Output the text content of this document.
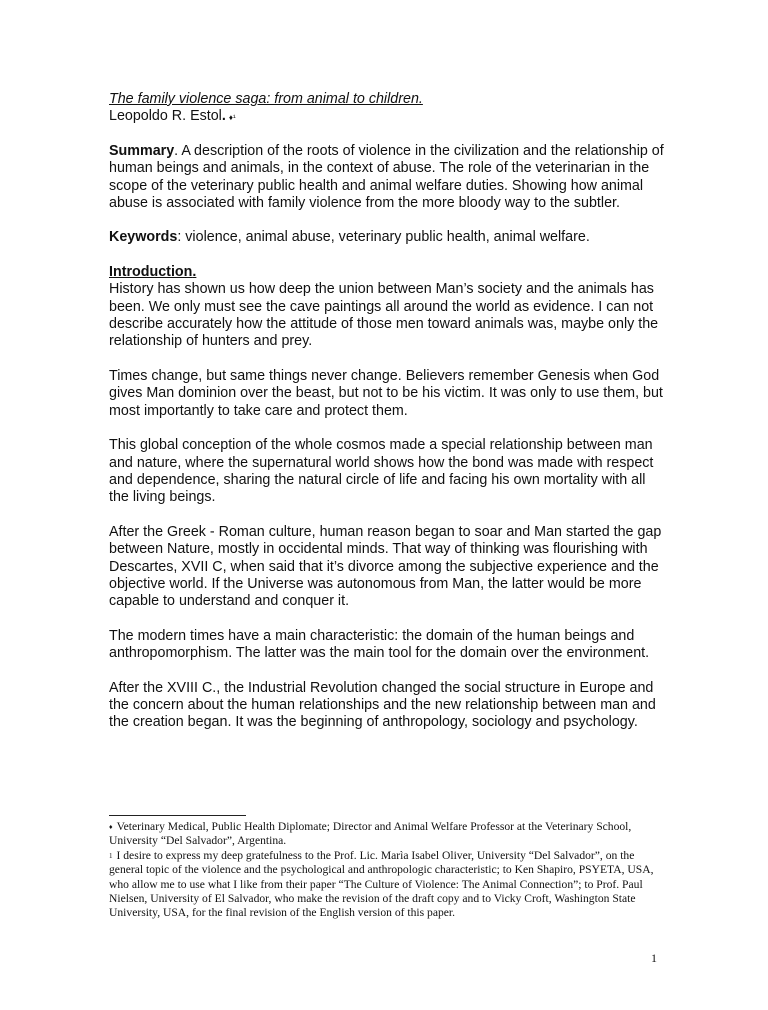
The family violence saga: from animal to children.

Leopoldo R. Estol. $^{♦^1}$

Summary. A description of the roots of violence in the civilization and the relationship of human beings and animals, in the context of abuse. The role of the veterinarian in the scope of the veterinary public health and animal welfare duties. Showing how animal abuse is associated with family violence from the more bloody way to the subtler.

Keywords: violence, animal abuse, veterinary public health, animal welfare.

Introduction.

History has shown us how deep the union between Man’s society and the animals has been. We only must see the cave paintings all around the world as evidence. I can not describe accurately how the attitude of those men toward animals was, maybe only the relationship of hunters and prey.

Times change, but same things never change. Believers remember Genesis when God gives Man dominion over the beast, but not to be his victim. It was only to use them, but most importantly to take care and protect them.

This global conception of the whole cosmos made a special relationship between man and nature, where the supernatural world shows how the bond was made with respect and dependence, sharing the natural circle of life and facing his own mortality with all the living beings.

After the Greek - Roman culture, human reason began to soar and Man started the gap between Nature, mostly in occidental minds. That way of thinking was flourishing with Descartes, XVII C, when said that it’s divorce among the subjective experience and the objective world. If the Universe was autonomous from Man, the latter would be more capable to understand and conquer it.

The modern times have a main characteristic: the domain of the human beings and anthropomorphism. The latter was the main tool for the domain over the environment.

After the XVIII C., the Industrial Revolution changed the social structure in Europe and the concern about the human relationships and the new relationship between man and the creation began. It was the beginning of anthropology, sociology and psychology.

♦ Veterinary Medical, Public Health Diplomate; Director and Animal Welfare Professor at the Veterinary School, University “Del Salvador”, Argentina.

$^1$ I desire to express my deep gratefulness to the Prof. Lic. Marìa Isabel Oliver, University “Del Salvador”, on the general topic of the violence and the psychological and anthropologic characteristic; to Ken Shapiro, PSYETA, USA, who allow me to use what I like from their paper “The Culture of Violence: The Animal Connection”; to Prof. Paul Nielsen, University of El Salvador, who make the revision of the draft copy and to Vicky Croft, Washington State University, USA, for the final revision of the English version of this paper.

1
